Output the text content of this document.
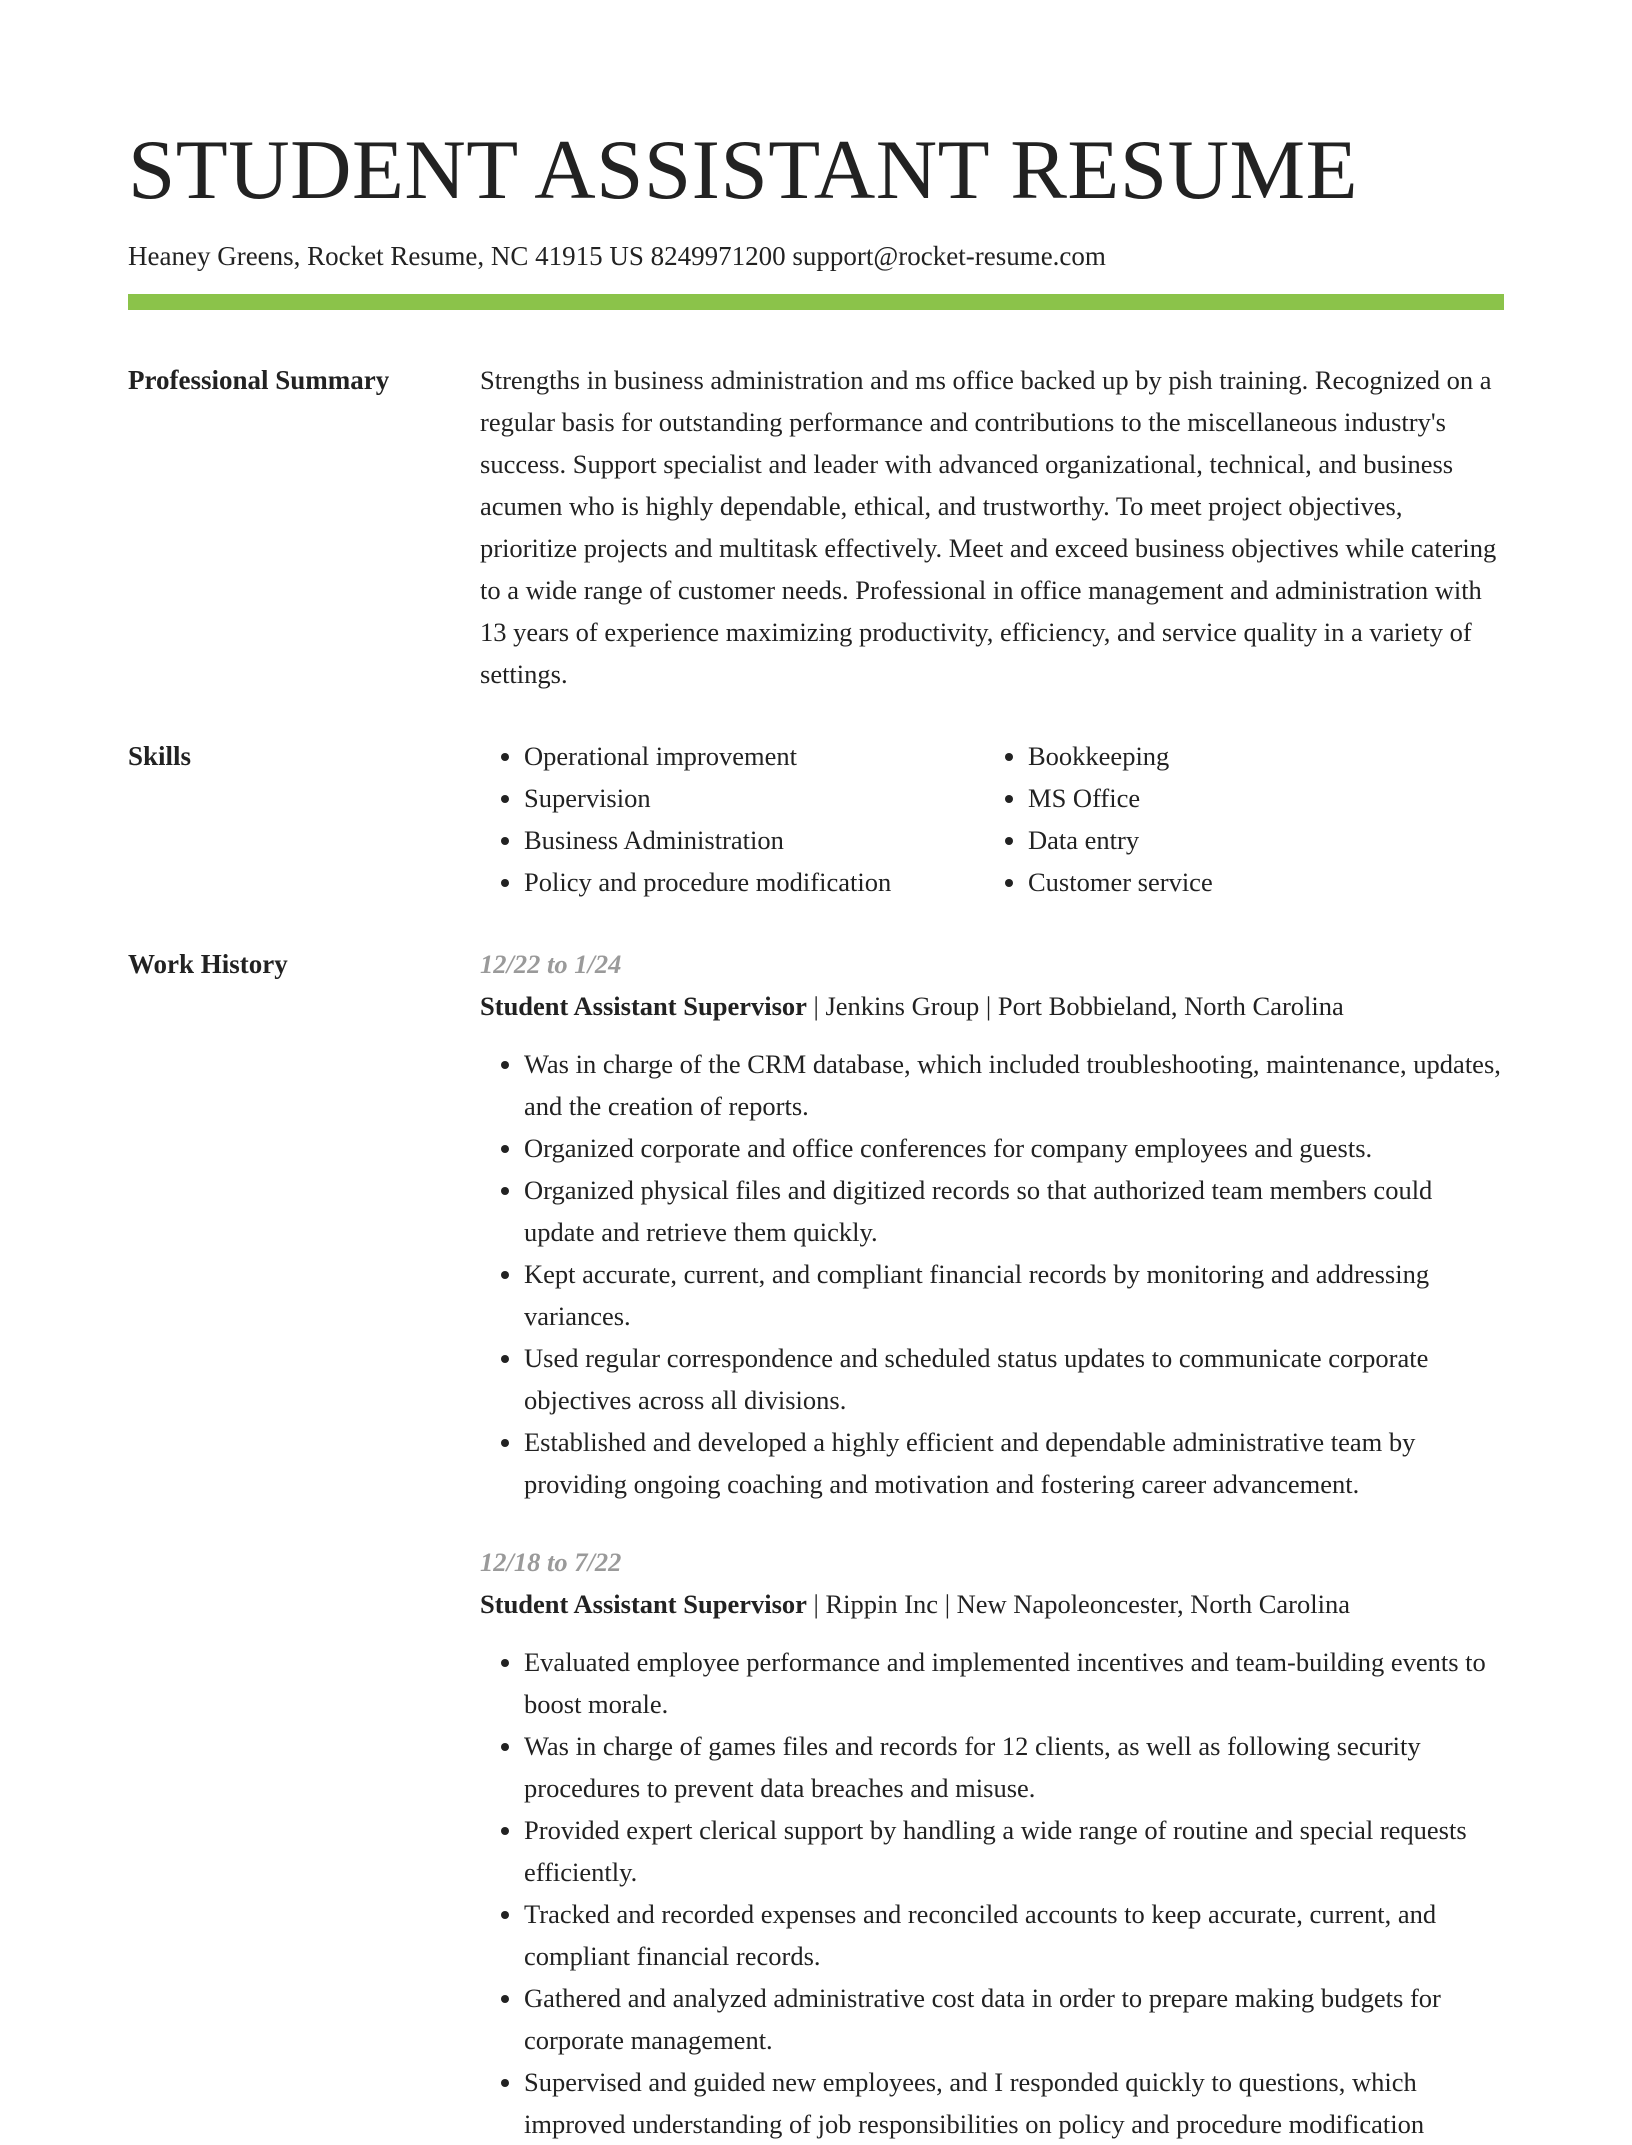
STUDENT ASSISTANT RESUME
Heaney Greens, Rocket Resume, NC 41915 US 8249971200 support@rocket-resume.com
Professional Summary	Strengths in business administration and ms office backed up by pish training. Recognized on a regular basis for outstanding performance and contributions to the miscellaneous industry's success. Support specialist and leader with advanced organizational, technical, and business acumen who is highly dependable, ethical, and trustworthy. To meet project objectives, prioritize projects and multitask effectively. Meet and exceed business objectives while catering to a wide range of customer needs. Professional in office management and administration with 13 years of experience maximizing productivity, efficiency, and service quality in a variety of settings.

Skills
•	Operational improvement
• Supervision
• Business Administration
• Policy and procedure modification
• Bookkeeping
• MS Office
• Data entry
• Customer service
Work History	12/22 to 1/24
Student Assistant Supervisor | Jenkins Group | Port Bobbieland, North Carolina
• Was in charge of the CRM database, which included troubleshooting, maintenance, updates, and the creation of reports.
• Organized corporate and office conferences for company employees and guests.
• Organized physical files and digitized records so that authorized team members could update and retrieve them quickly.
• Kept accurate, current, and compliant financial records by monitoring and addressing variances.
• Used regular correspondence and scheduled status updates to communicate corporate objectives across all divisions.
• Established and developed a highly efficient and dependable administrative team by providing ongoing coaching and motivation and fostering career advancement.
12/18 to 7/22
Student Assistant Supervisor | Rippin Inc | New Napoleoncester, North Carolina
• Evaluated employee performance and implemented incentives and team-building events to boost morale.
• Was in charge of games files and records for 12 clients, as well as following security procedures to prevent data breaches and misuse.
• Provided expert clerical support by handling a wide range of routine and special requests efficiently.
• Tracked and recorded expenses and reconciled accounts to keep accurate, current, and compliant financial records.
• Gathered and analyzed administrative cost data in order to prepare making budgets for corporate management.
• Supervised and guided new employees, and I responded quickly to questions, which improved understanding of job responsibilities on policy and procedure modification
